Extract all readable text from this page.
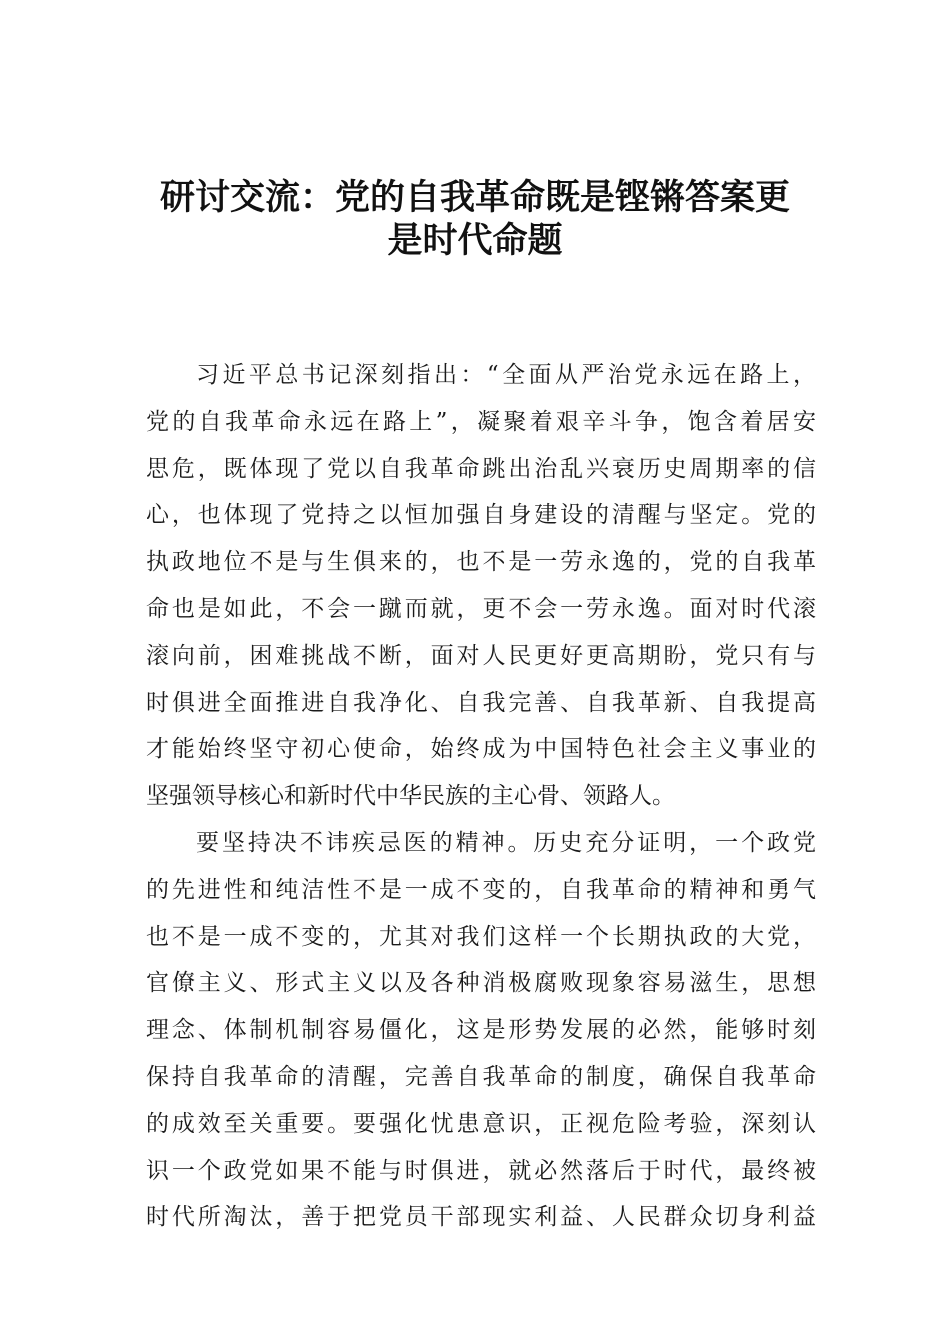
研讨交流：党的自我革命既是铿锵答案更
是时代命题
习近平总书记深刻指出：“全面从严治党永远在路上，
党的自我革命永远在路上”，凝聚着艰辛斗争，饱含着居安
思危，既体现了党以自我革命跳出治乱兴衰历史周期率的信
心，也体现了党持之以恒加强自身建设的清醒与坚定。党的
执政地位不是与生俱来的，也不是一劳永逸的，党的自我革
命也是如此，不会一蹴而就，更不会一劳永逸。面对时代滚
滚向前，困难挑战不断，面对人民更好更高期盼，党只有与
时俱进全面推进自我净化、自我完善、自我革新、自我提高
才能始终坚守初心使命，始终成为中国特色社会主义事业的
坚强领导核心和新时代中华民族的主心骨、领路人。
要坚持决不讳疾忌医的精神。历史充分证明，一个政党
的先进性和纯洁性不是一成不变的，自我革命的精神和勇气
也不是一成不变的，尤其对我们这样一个长期执政的大党，
官僚主义、形式主义以及各种消极腐败现象容易滋生，思想
理念、体制机制容易僵化，这是形势发展的必然，能够时刻
保持自我革命的清醒，完善自我革命的制度，确保自我革命
的成效至关重要。要强化忧患意识，正视危险考验，深刻认
识一个政党如果不能与时俱进，就必然落后于时代，最终被
时代所淘汰，善于把党员干部现实利益、人民群众切身利益
